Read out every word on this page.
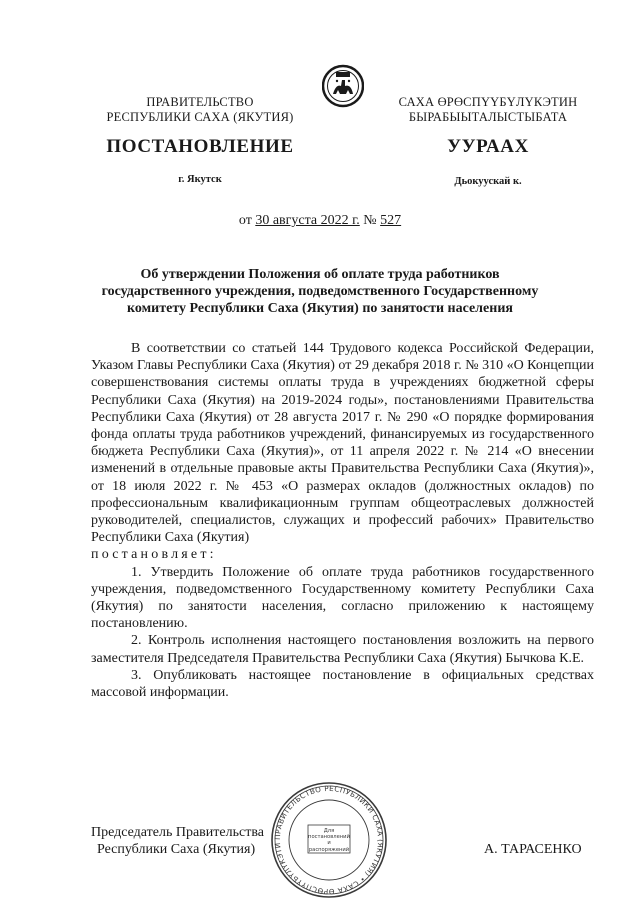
ПРАВИТЕЛЬСТВО
РЕСПУБЛИКИ САХА (ЯКУТИЯ)
САХА ӨРӨСПҮҮБҮЛҮКЭТИН
БЫРАБЫЫТАЛЫСТЫБАТА
ПОСТАНОВЛЕНИЕ	УУРААХ
г. Якутск	Дьокуускай к.
от 30 августа 2022 г. № 527
Об утверждении Положения об оплате труда работников
государственного учреждения, подведомственного Государственному
комитету Республики Саха (Якутия) по занятости населения

В соответствии со статьей 144 Трудового кодекса Российской Федерации, Указом Главы Республики Саха (Якутия) от 29 декабря 2018 г. № 310 «О Концепции совершенствования системы оплаты труда в учреждениях бюджетной сферы Республики Саха (Якутия) на 2019-2024 годы», постановлениями Правительства Республики Саха (Якутия) от 28 августа 2017 г. № 290 «О порядке формирования фонда оплаты труда работников учреждений, финансируемых из государственного бюджета Республики Саха (Якутия)», от 11 апреля 2022 г. № 214 «О внесении изменений в отдельные правовые акты Правительства Республики Саха (Якутия)», от 18 июля 2022 г. № 453 «О размерах окладов (должностных окладов) по профессиональным квалификационным группам общеотраслевых должностей руководителей, специалистов, служащих и профессий рабочих» Правительство Республики Саха (Якутия)

постановляет:

1. Утвердить Положение об оплате труда работников государственного учреждения, подведомственного Государственному комитету Республики Саха (Якутия) по занятости населения, согласно приложению к настоящему постановлению.

2. Контроль исполнения настоящего постановления возложить на первого заместителя Председателя Правительства Республики Саха (Якутия) Бычкова К.Е.

3. Опубликовать настоящее постановление в официальных средствах массовой информации.

Председатель Правительства
Республики Саха (Якутия)	А. ТАРАСЕНКО
ПРАВИТЕЛЬСТВО РЕСПУБЛИКИ САХА (ЯКУТИЯ) • САХА ӨРӨСПҮҮБҮЛҮКЭТИ
Для постановлений и распоряжений
